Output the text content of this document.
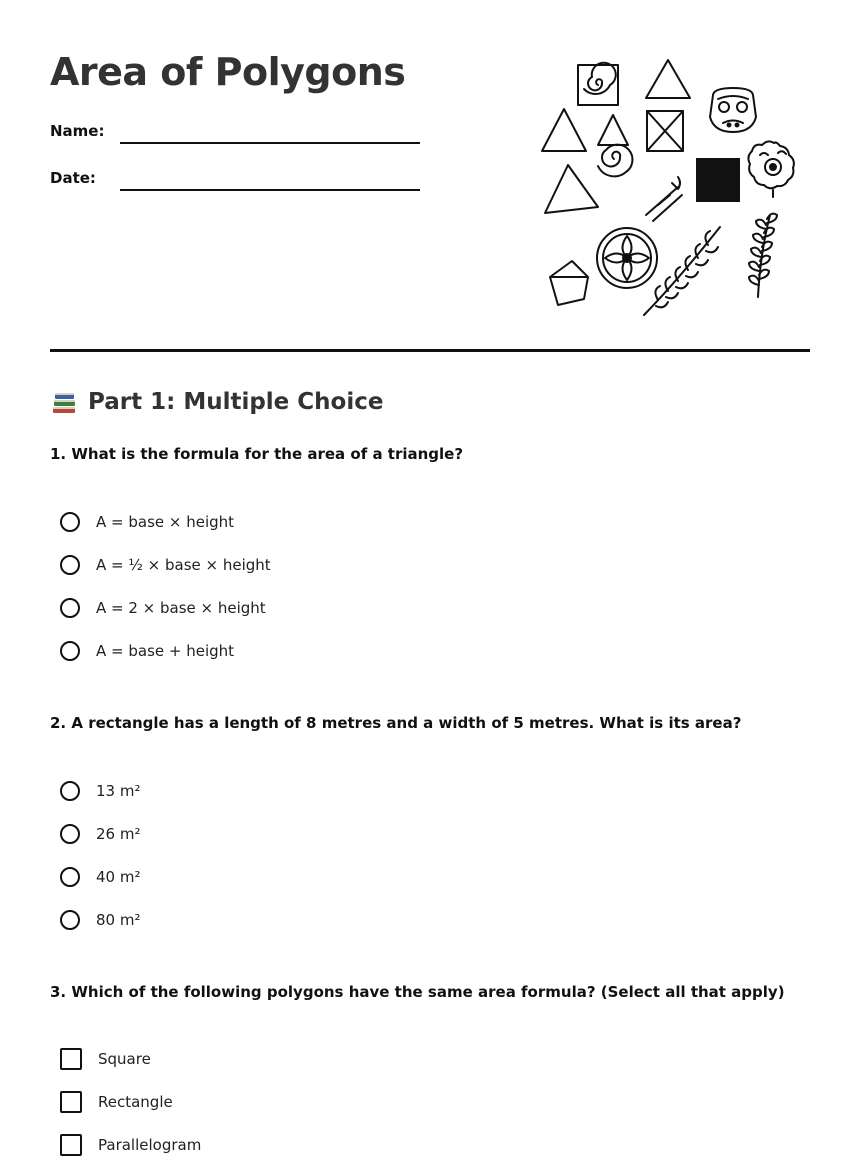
Area of Polygons
Name:
Date:
Part 1: Multiple Choice
1. What is the formula for the area of a triangle?
A = base × height
A = ½ × base × height
A = 2 × base × height
A = base + height
2. A rectangle has a length of 8 metres and a width of 5 metres. What is its area?
13 m²
26 m²
40 m²
80 m²
3. Which of the following polygons have the same area formula? (Select all that apply)
Square
Rectangle
Parallelogram
